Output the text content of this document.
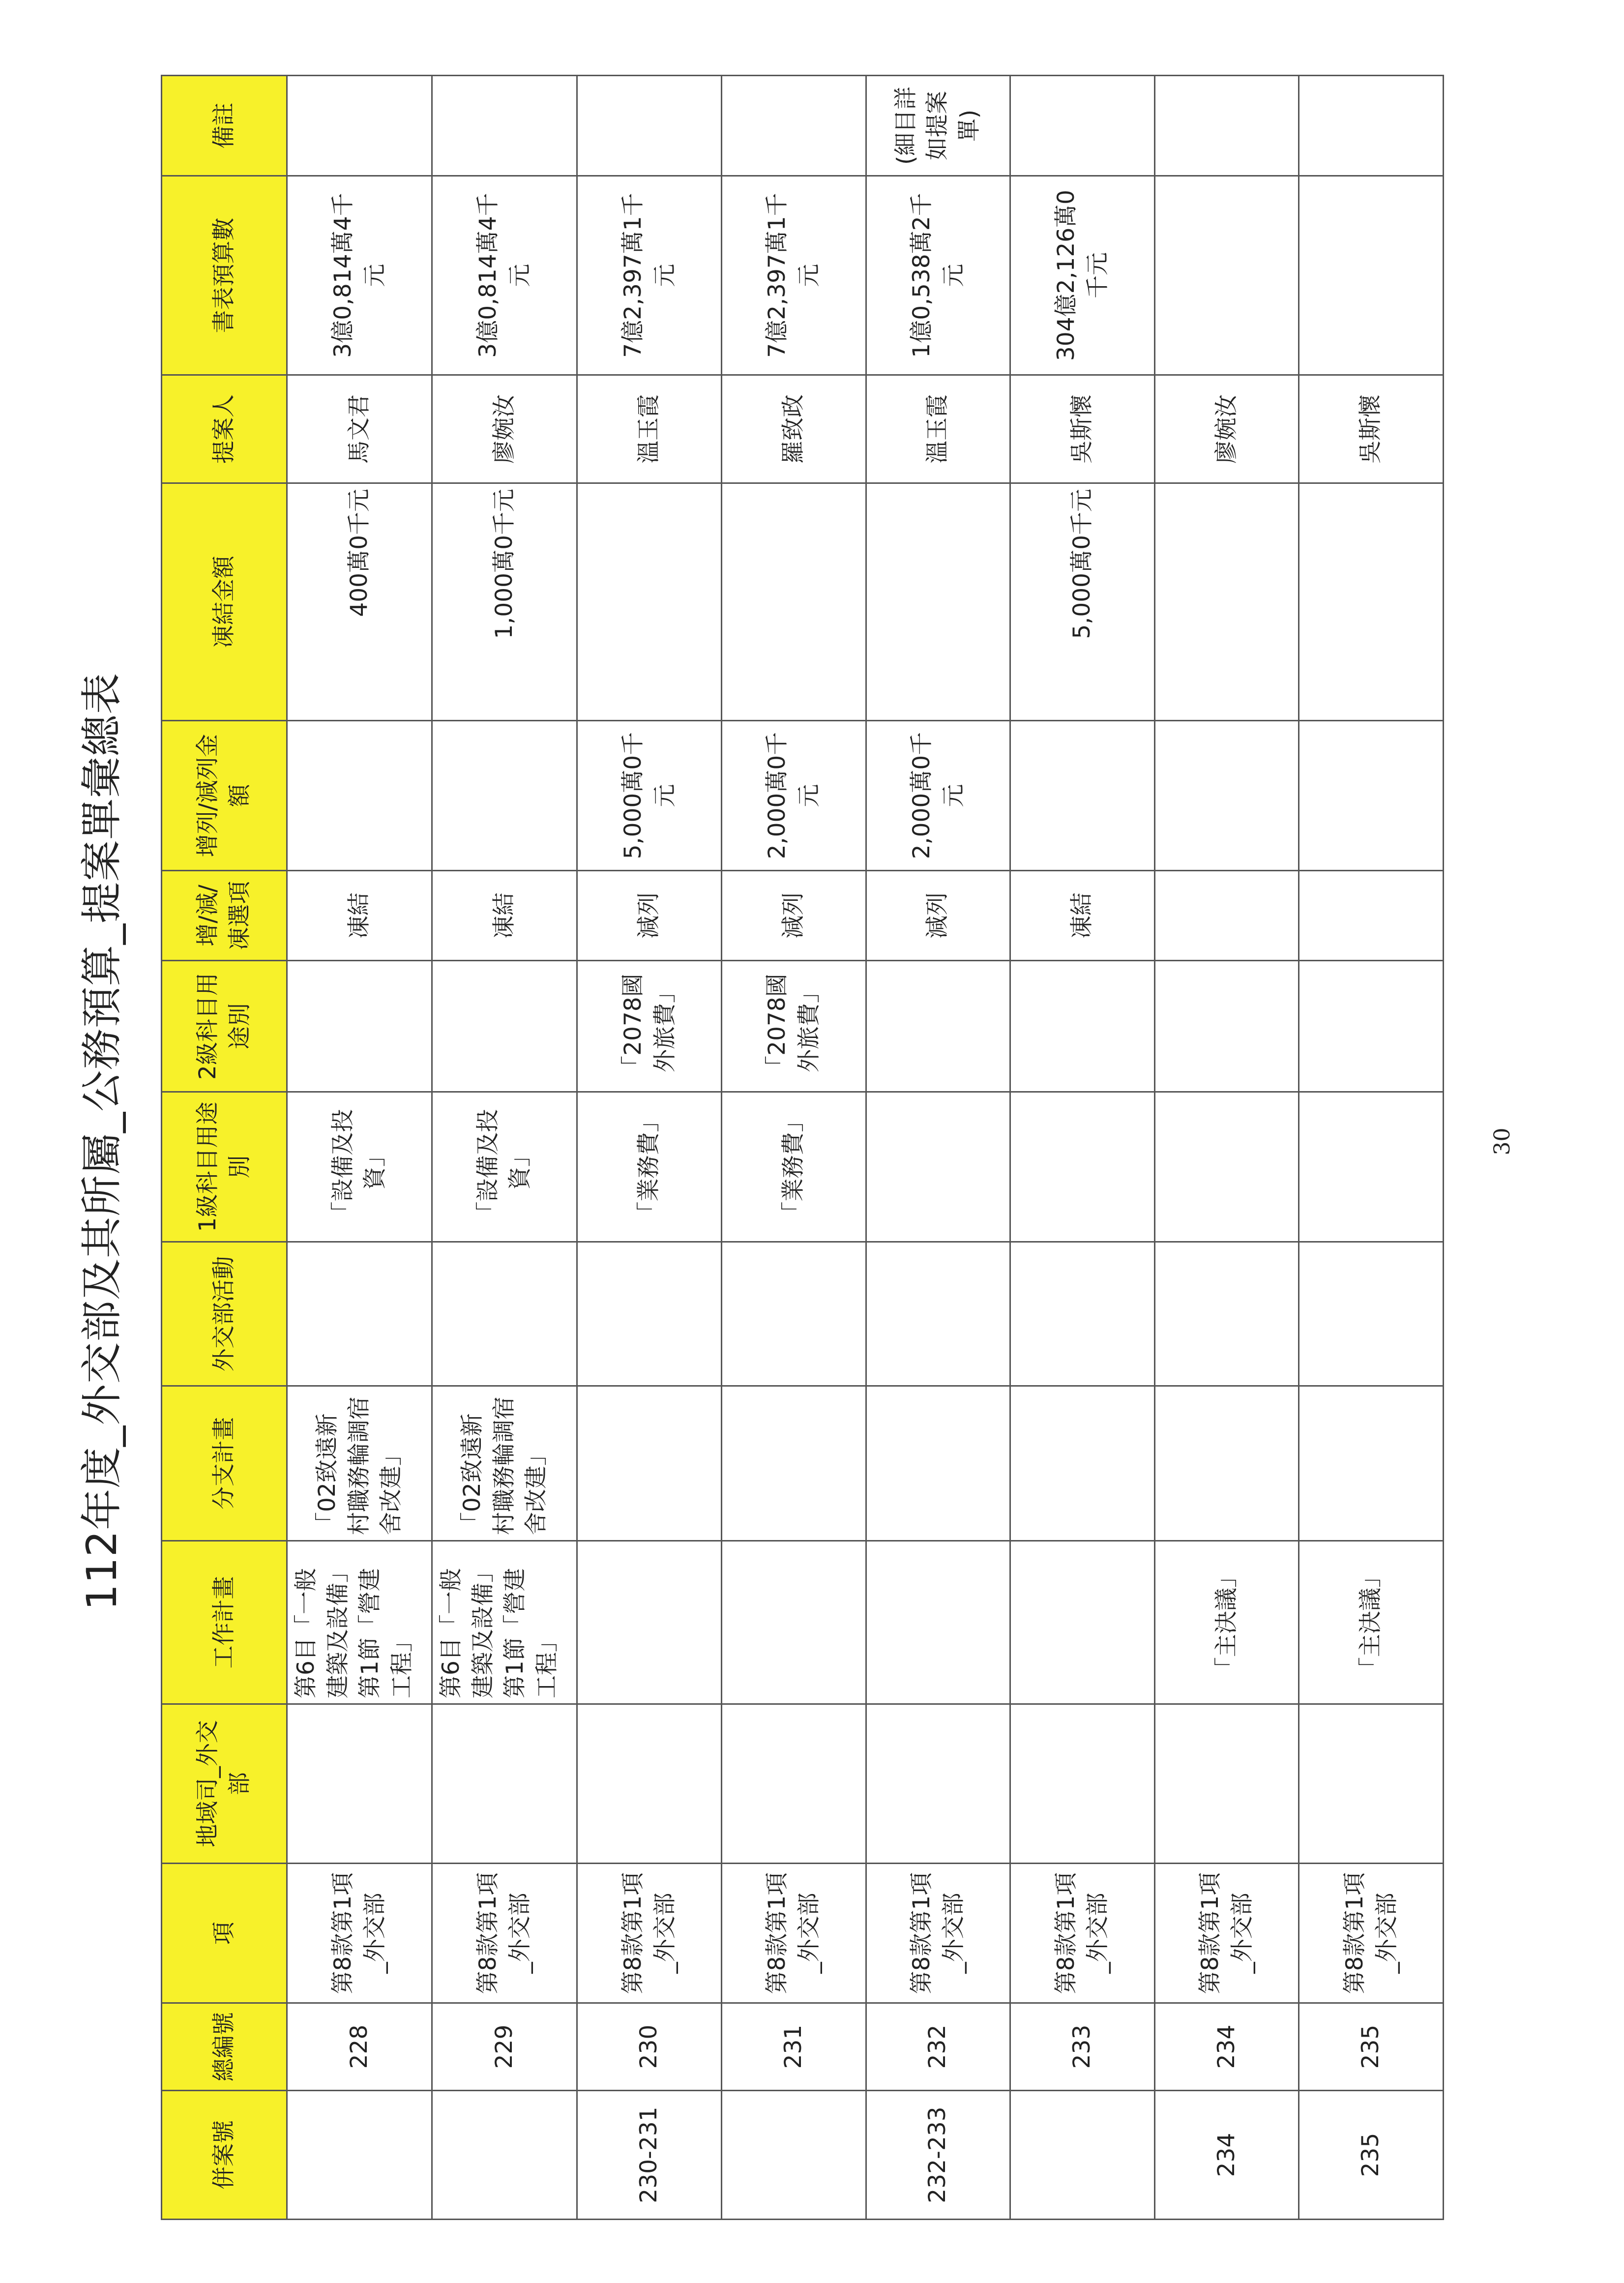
112年度_外交部及其所屬_公務預算_提案單彙總表
併案號	總編號	項	地域司_外交部	工作計畫	分支計畫	外交部活動	1級科目用途別	2級科目用途別	增/減/凍選項	增列/減列金額	凍結金額	提案人	書表預算數	備註
	228	第8款第1項_外交部		第6目「一般建築及設備」第1節「營建工程」	「02致遠新村職務輪調宿舍改建」		「設備及投資」		凍結		400萬0千元	馬文君	3億0,814萬4千元	
	229	第8款第1項_外交部		第6目「一般建築及設備」第1節「營建工程」	「02致遠新村職務輪調宿舍改建」		「設備及投資」		凍結		1,000萬0千元	廖婉汝	3億0,814萬4千元	
230-231	230	第8款第1項_外交部					「業務費」	「2078國外旅費」	減列	5,000萬0千元		溫玉霞	7億2,397萬1千元	
	231	第8款第1項_外交部					「業務費」	「2078國外旅費」	減列	2,000萬0千元		羅致政	7億2,397萬1千元	
232-233	232	第8款第1項_外交部							減列	2,000萬0千元		溫玉霞	1億0,538萬2千元	(細目詳如提案單)
	233	第8款第1項_外交部							凍結		5,000萬0千元	吳斯懷	304億2,126萬0千元	
234	234	第8款第1項_外交部		「主決議」								廖婉汝		
235	235	第8款第1項_外交部		「主決議」								吳斯懷		
30
